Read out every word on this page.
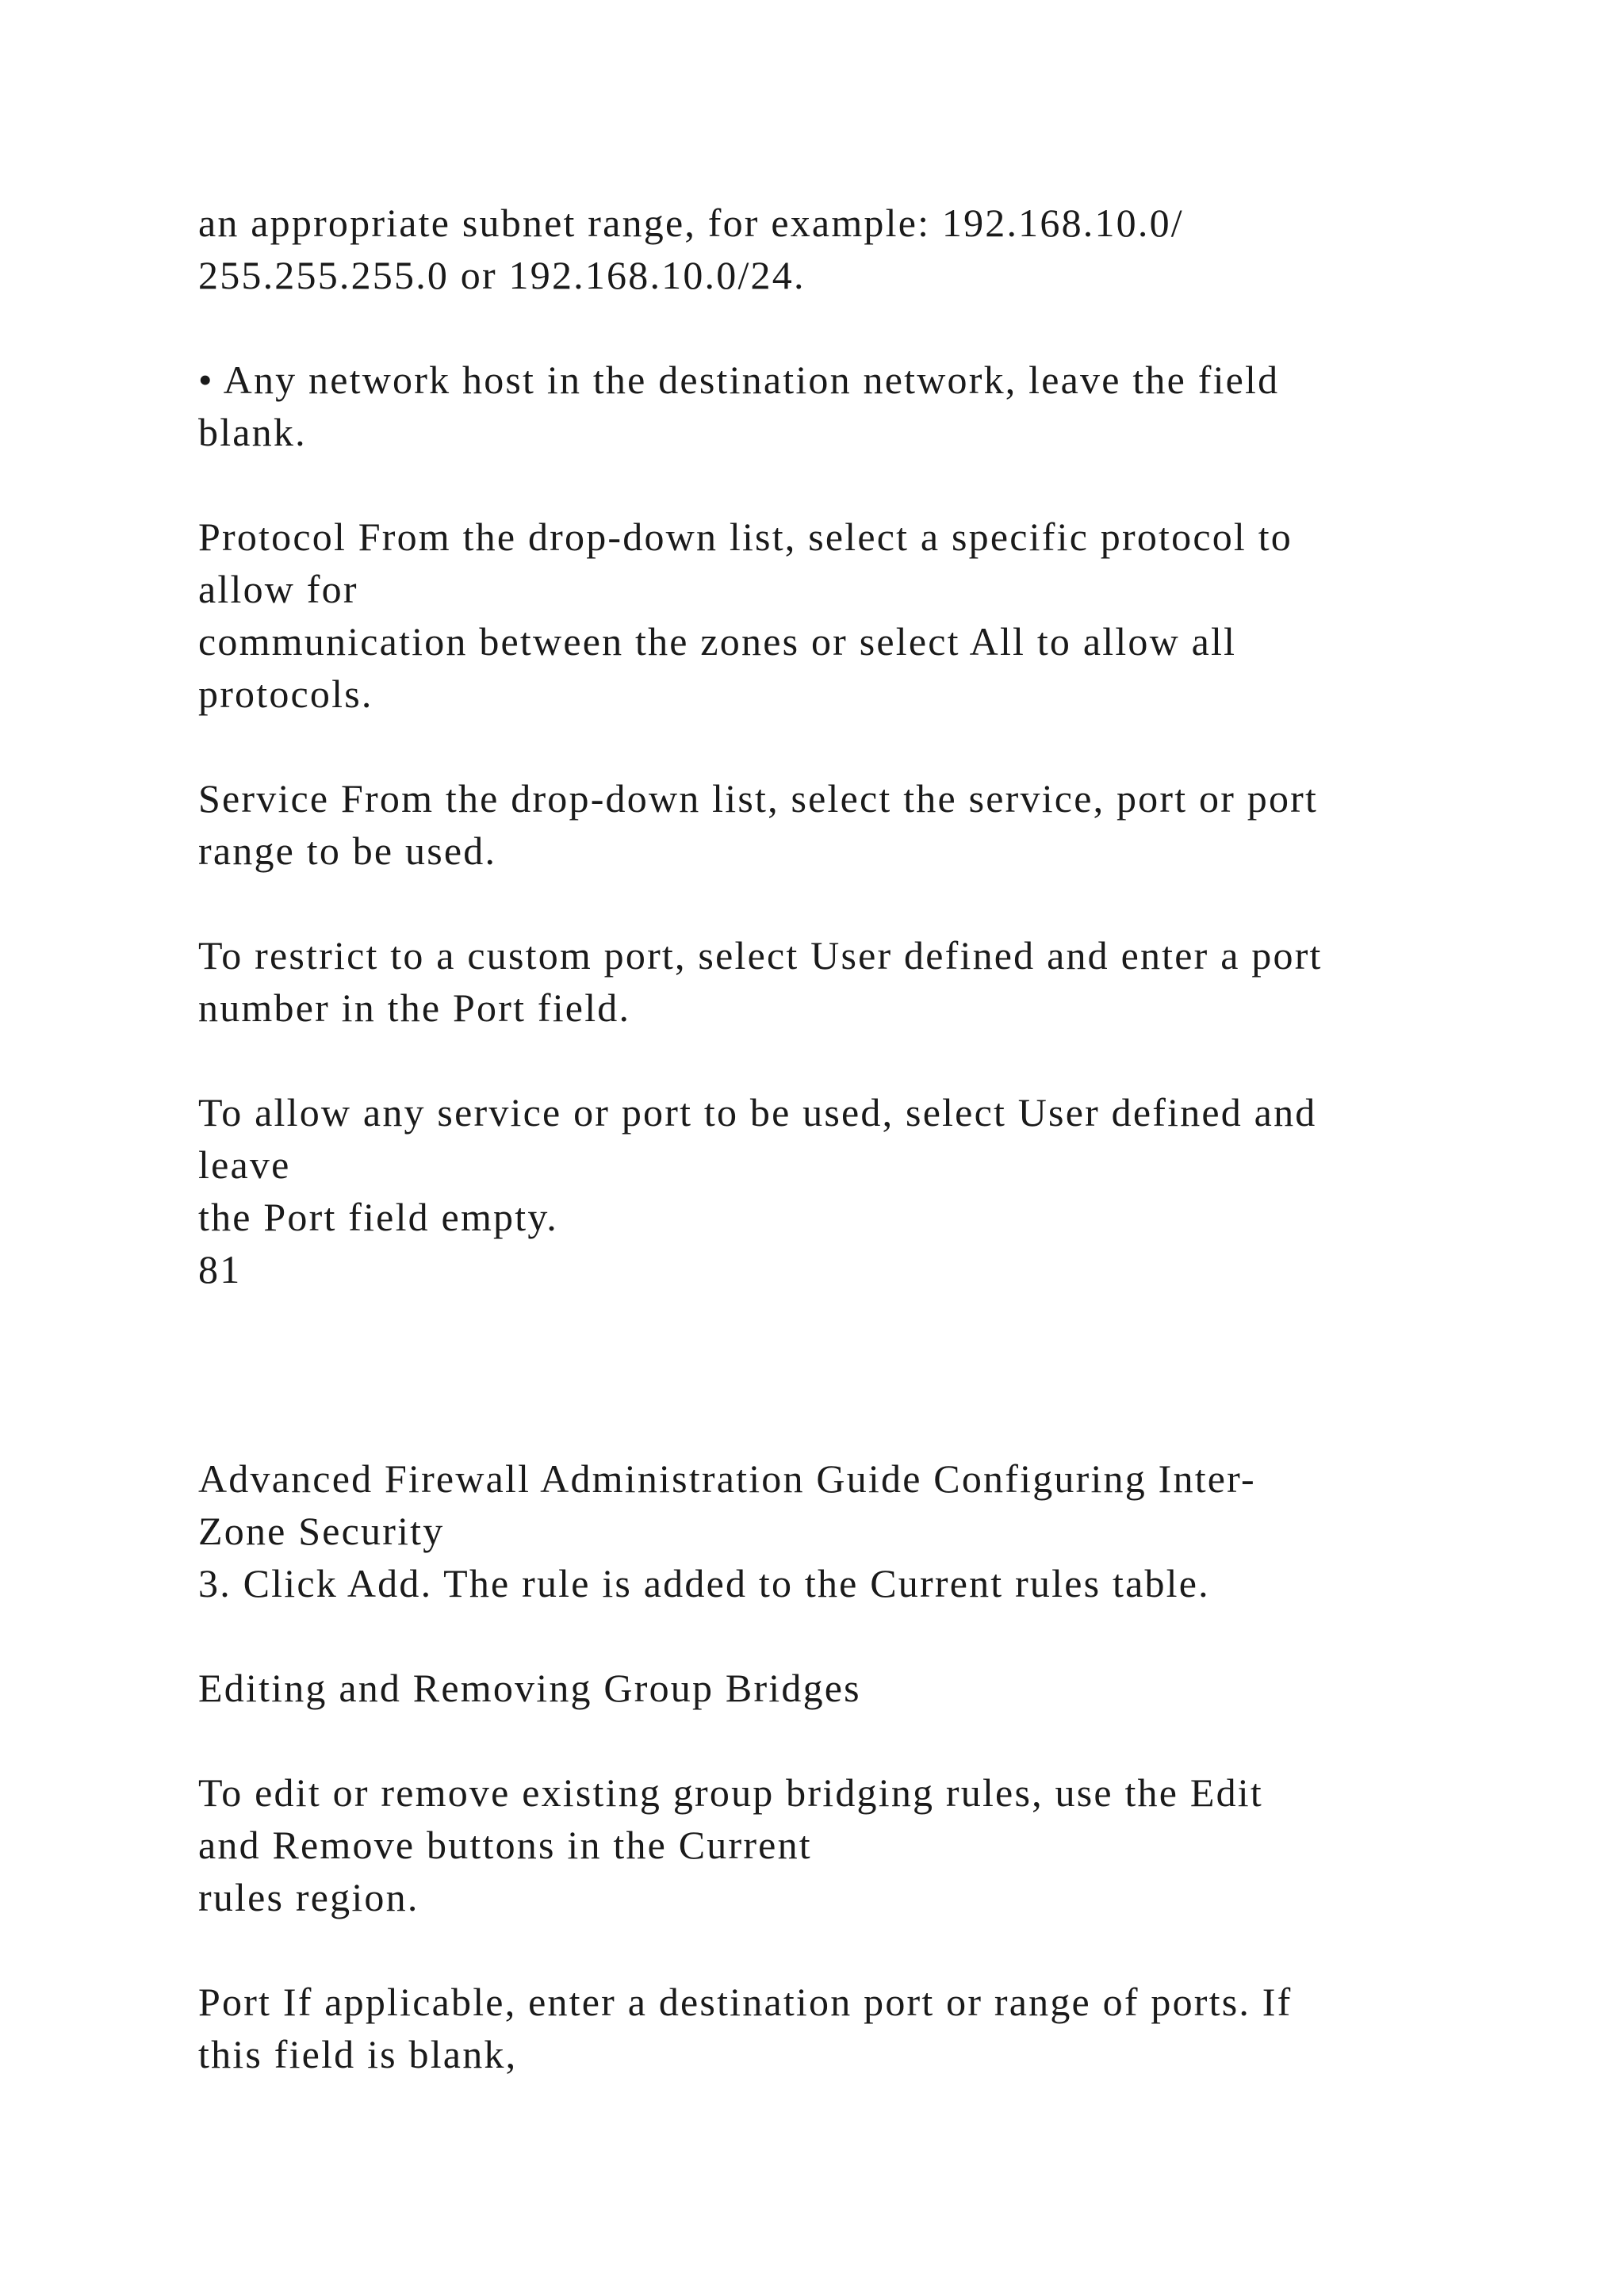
an appropriate subnet range, for example: 192.168.10.0/

255.255.255.0 or 192.168.10.0/24.

• Any network host in the destination network, leave the field

blank.

Protocol From the drop-down list, select a specific protocol to

allow for

communication between the zones or select All to allow all

protocols.

Service From the drop-down list, select the service, port or port

range to be used.

To restrict to a custom port, select User defined and enter a port

number in the Port field.

To allow any service or port to be used, select User defined and

leave

the Port field empty.

81

Advanced Firewall Administration Guide Configuring Inter-

Zone Security

3. Click Add. The rule is added to the Current rules table.

Editing and Removing Group Bridges

To edit or remove existing group bridging rules, use the Edit

and Remove buttons in the Current

rules region.

Port If applicable, enter a destination port or range of ports. If

this field is blank,
